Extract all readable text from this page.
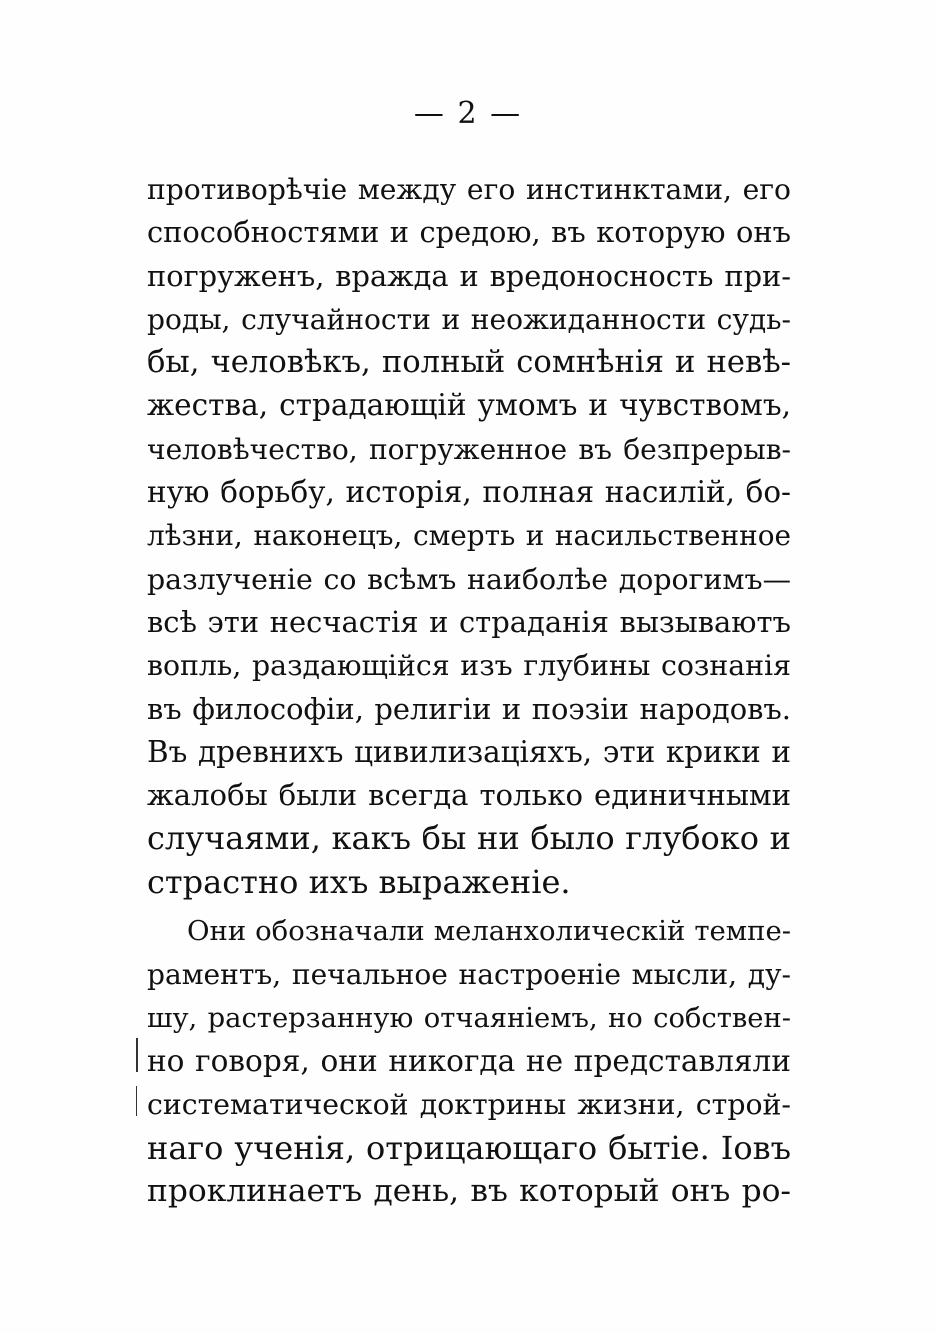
— 2 —
противорѣчіе между его инстинктами, его
способностями и средою, въ которую онъ
погруженъ, вражда и вредоносность при-
роды, случайности и неожиданности судь-
бы, человѣкъ, полный сомнѣнія и невѣ-
жества, страдающій умомъ и чувствомъ,
человѣчество, погруженное въ безпрерыв-
ную борьбу, исторія, полная насилій, бо-
лѣзни, наконецъ, смерть и насильственное
разлученіе со всѣмъ наиболѣе дорогимъ—
всѣ эти несчастія и страданія вызываютъ
вопль, раздающійся изъ глубины сознанія
въ философіи, религіи и поэзіи народовъ.
Въ древнихъ цивилизаціяхъ, эти крики и
жалобы были всегда только единичными
случаями, какъ бы ни было глубоко и
страстно ихъ выраженіе.
Они обозначали меланхолическій темпе-
раментъ, печальное настроеніе мысли, ду-
шу, растерзанную отчаяніемъ, но собствен-
но говоря, они никогда не представляли
систематической доктрины жизни, строй-
наго ученія, отрицающаго бытіе. Іовъ
проклинаетъ день, въ который онъ ро-
